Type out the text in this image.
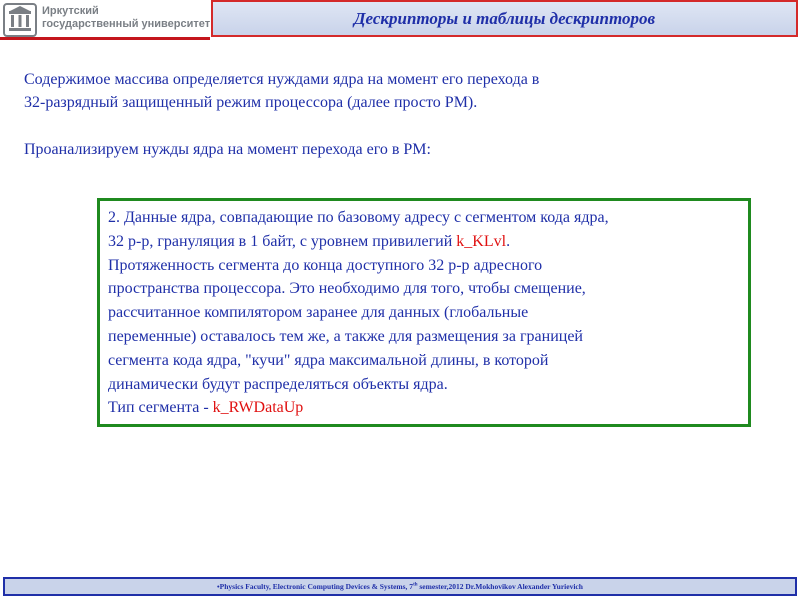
Иркутский
государственный университет	Дескрипторы и таблицы дескрипторов
Содержимое массива определяется нуждами ядра на момент его перехода в
32-разрядный защищенный режим процессора (далее просто PM).
Проанализируем нужды ядра на момент перехода его в PM:
2. Данные ядра, совпадающие по базовому адресу с сегментом кода ядра,
32 р-р, грануляция в 1 байт, с уровнем привилегий k_KLvl.
Протяженность сегмента до конца доступного 32 р-р адресного
пространства процессора. Это необходимо для того, чтобы смещение,
рассчитанное компилятором заранее для данных (глобальные
переменные) оставалось тем же, а также для размещения за границей
сегмента кода ядра, "кучи" ядра максимальной длины, в которой
динамически будут распределяться объекты ядра.
Тип сегмента - k_RWDataUp
•Physics Faculty, Electronic Computing Devices & Systems, 7th semester,2012 Dr.Mokhovikov Alexander Yurievich
